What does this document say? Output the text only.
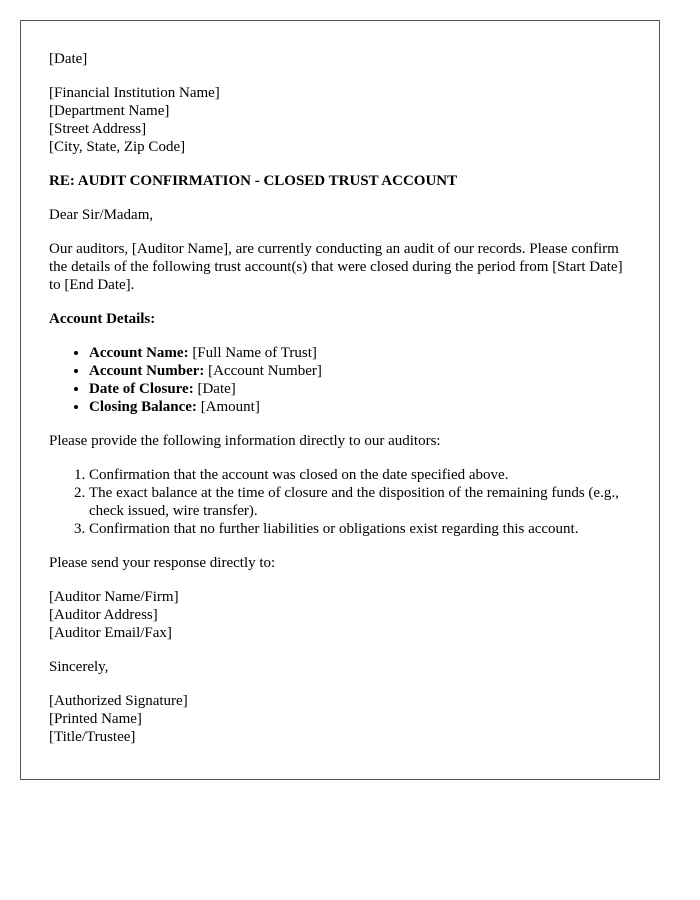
[Date]

[Financial Institution Name]
[Department Name]
[Street Address]
[City, State, Zip Code]

RE: AUDIT CONFIRMATION - CLOSED TRUST ACCOUNT

Dear Sir/Madam,

Our auditors, [Auditor Name], are currently conducting an audit of our records. Please confirm the details of the following trust account(s) that were closed during the period from [Start Date] to [End Date].

Account Details:
• Account Name: [Full Name of Trust]
• Account Number: [Account Number]
• Date of Closure: [Date]
• Closing Balance: [Amount]

Please provide the following information directly to our auditors:

1. Confirmation that the account was closed on the date specified above.
2. The exact balance at the time of closure and the disposition of the remaining funds (e.g., check issued, wire transfer).
3. Confirmation that no further liabilities or obligations exist regarding this account.

Please send your response directly to:

[Auditor Name/Firm]
[Auditor Address]
[Auditor Email/Fax]

Sincerely,

[Authorized Signature]
[Printed Name]
[Title/Trustee]
